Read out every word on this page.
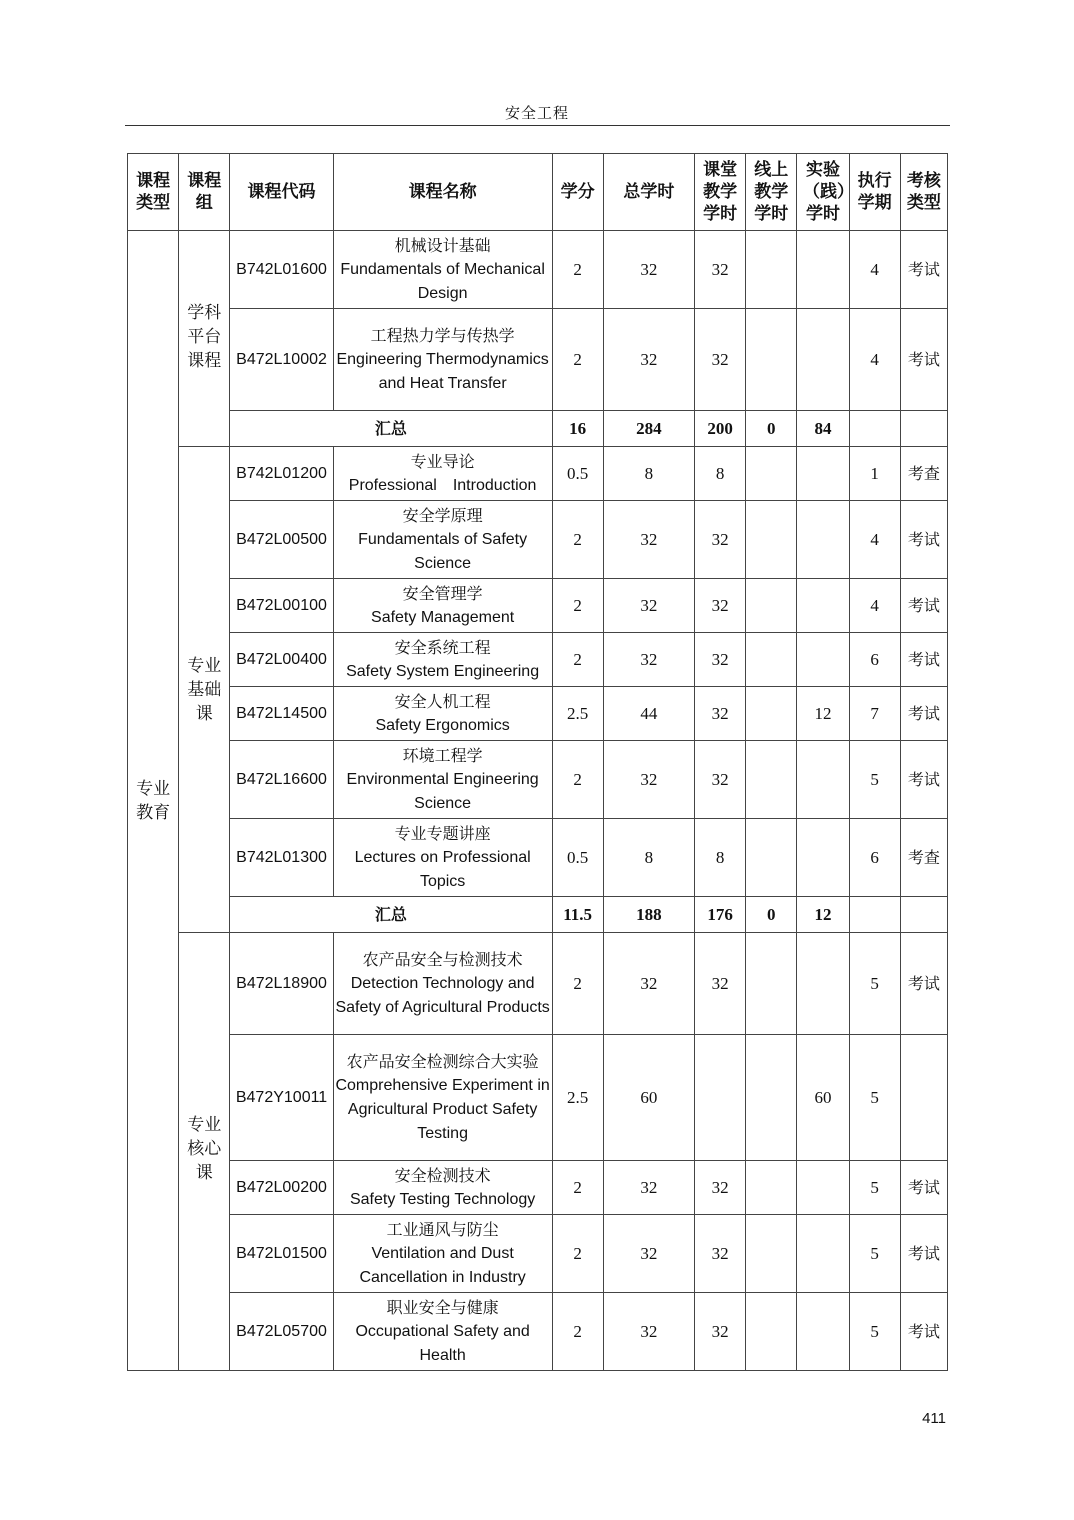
安全工程
课程类型	课程组	课程代码	课程名称	学分	总学时	课堂教学学时	线上教学学时	实验（践）学时	执行学期	考核类型

专业教育	学科平台课程	B742L01600	机械设计基础
Fundamentals of Mechanical Design	2	32	32			4	考试
		B472L10002	工程热力学与传热学
Engineering Thermodynamics and Heat Transfer	2	32	32			4	考试
		汇总		16	284	200	0	84		

	专业基础课	B742L01200	专业导论
Professional　Introduction	0.5	8	8			1	考查
		B472L00500	安全学原理
Fundamentals of Safety Science	2	32	32			4	考试
		B472L00100	安全管理学
Safety Management	2	32	32			4	考试
		B472L00400	安全系统工程
Safety System Engineering	2	32	32			6	考试
		B472L14500	安全人机工程
Safety Ergonomics	2.5	44	32		12	7	考试
		B472L16600	环境工程学
Environmental Engineering Science	2	32	32			5	考试
		B742L01300	专业专题讲座
Lectures on Professional Topics	0.5	8	8			6	考查
		汇总		11.5	188	176	0	12		

	专业核心课	B472L18900	农产品安全与检测技术
Detection Technology and Safety of Agricultural Products	2	32	32			5	考试
		B472Y10011	农产品安全检测综合大实验
Comprehensive Experiment in Agricultural Product Safety Testing	2.5	60			60	5	
		B472L00200	安全检测技术
Safety Testing Technology	2	32	32			5	考试
		B472L01500	工业通风与防尘
Ventilation and Dust Cancellation in Industry	2	32	32			5	考试
		B472L05700	职业安全与健康
Occupational Safety and Health	2	32	32			5	考试
411
